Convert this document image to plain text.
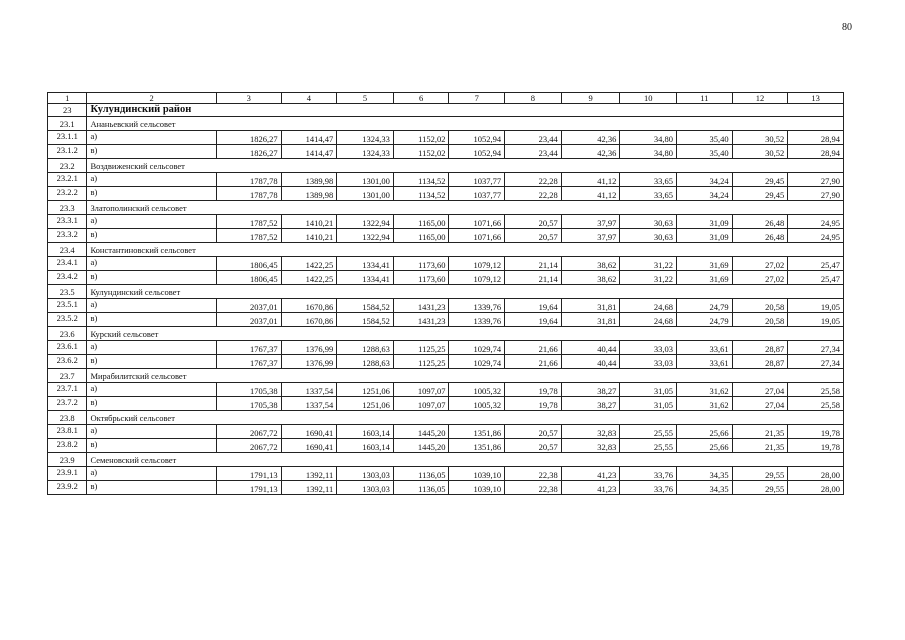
80
1	2	3	4	5	6	7	8	9	10	11	12	13
23	Кулундинский район											
23.1	Ананьевский сельсовет											
23.1.1	а)	1826,27	1414,47	1324,33	1152,02	1052,94	23,44	42,36	34,80	35,40	30,52	28,94
23.1.2	в)	1826,27	1414,47	1324,33	1152,02	1052,94	23,44	42,36	34,80	35,40	30,52	28,94
23.2	Воздвиженский сельсовет											
23.2.1	а)	1787,78	1389,98	1301,00	1134,52	1037,77	22,28	41,12	33,65	34,24	29,45	27,90
23.2.2	в)	1787,78	1389,98	1301,00	1134,52	1037,77	22,28	41,12	33,65	34,24	29,45	27,90
23.3	Златополинский сельсовет											
23.3.1	а)	1787,52	1410,21	1322,94	1165,00	1071,66	20,57	37,97	30,63	31,09	26,48	24,95
23.3.2	в)	1787,52	1410,21	1322,94	1165,00	1071,66	20,57	37,97	30,63	31,09	26,48	24,95
23.4	Константиновский сельсовет											
23.4.1	а)	1806,45	1422,25	1334,41	1173,60	1079,12	21,14	38,62	31,22	31,69	27,02	25,47
23.4.2	в)	1806,45	1422,25	1334,41	1173,60	1079,12	21,14	38,62	31,22	31,69	27,02	25,47
23.5	Кулундинский сельсовет											
23.5.1	а)	2037,01	1670,86	1584,52	1431,23	1339,76	19,64	31,81	24,68	24,79	20,58	19,05
23.5.2	в)	2037,01	1670,86	1584,52	1431,23	1339,76	19,64	31,81	24,68	24,79	20,58	19,05
23.6	Курский сельсовет											
23.6.1	а)	1767,37	1376,99	1288,63	1125,25	1029,74	21,66	40,44	33,03	33,61	28,87	27,34
23.6.2	в)	1767,37	1376,99	1288,63	1125,25	1029,74	21,66	40,44	33,03	33,61	28,87	27,34
23.7	Мирабилитский сельсовет											
23.7.1	а)	1705,38	1337,54	1251,06	1097,07	1005,32	19,78	38,27	31,05	31,62	27,04	25,58
23.7.2	в)	1705,38	1337,54	1251,06	1097,07	1005,32	19,78	38,27	31,05	31,62	27,04	25,58
23.8	Октябрьский сельсовет											
23.8.1	а)	2067,72	1690,41	1603,14	1445,20	1351,86	20,57	32,83	25,55	25,66	21,35	19,78
23.8.2	в)	2067,72	1690,41	1603,14	1445,20	1351,86	20,57	32,83	25,55	25,66	21,35	19,78
23.9	Семеновский сельсовет											
23.9.1	а)	1791,13	1392,11	1303,03	1136,05	1039,10	22,38	41,23	33,76	34,35	29,55	28,00
23.9.2	в)	1791,13	1392,11	1303,03	1136,05	1039,10	22,38	41,23	33,76	34,35	29,55	28,00
